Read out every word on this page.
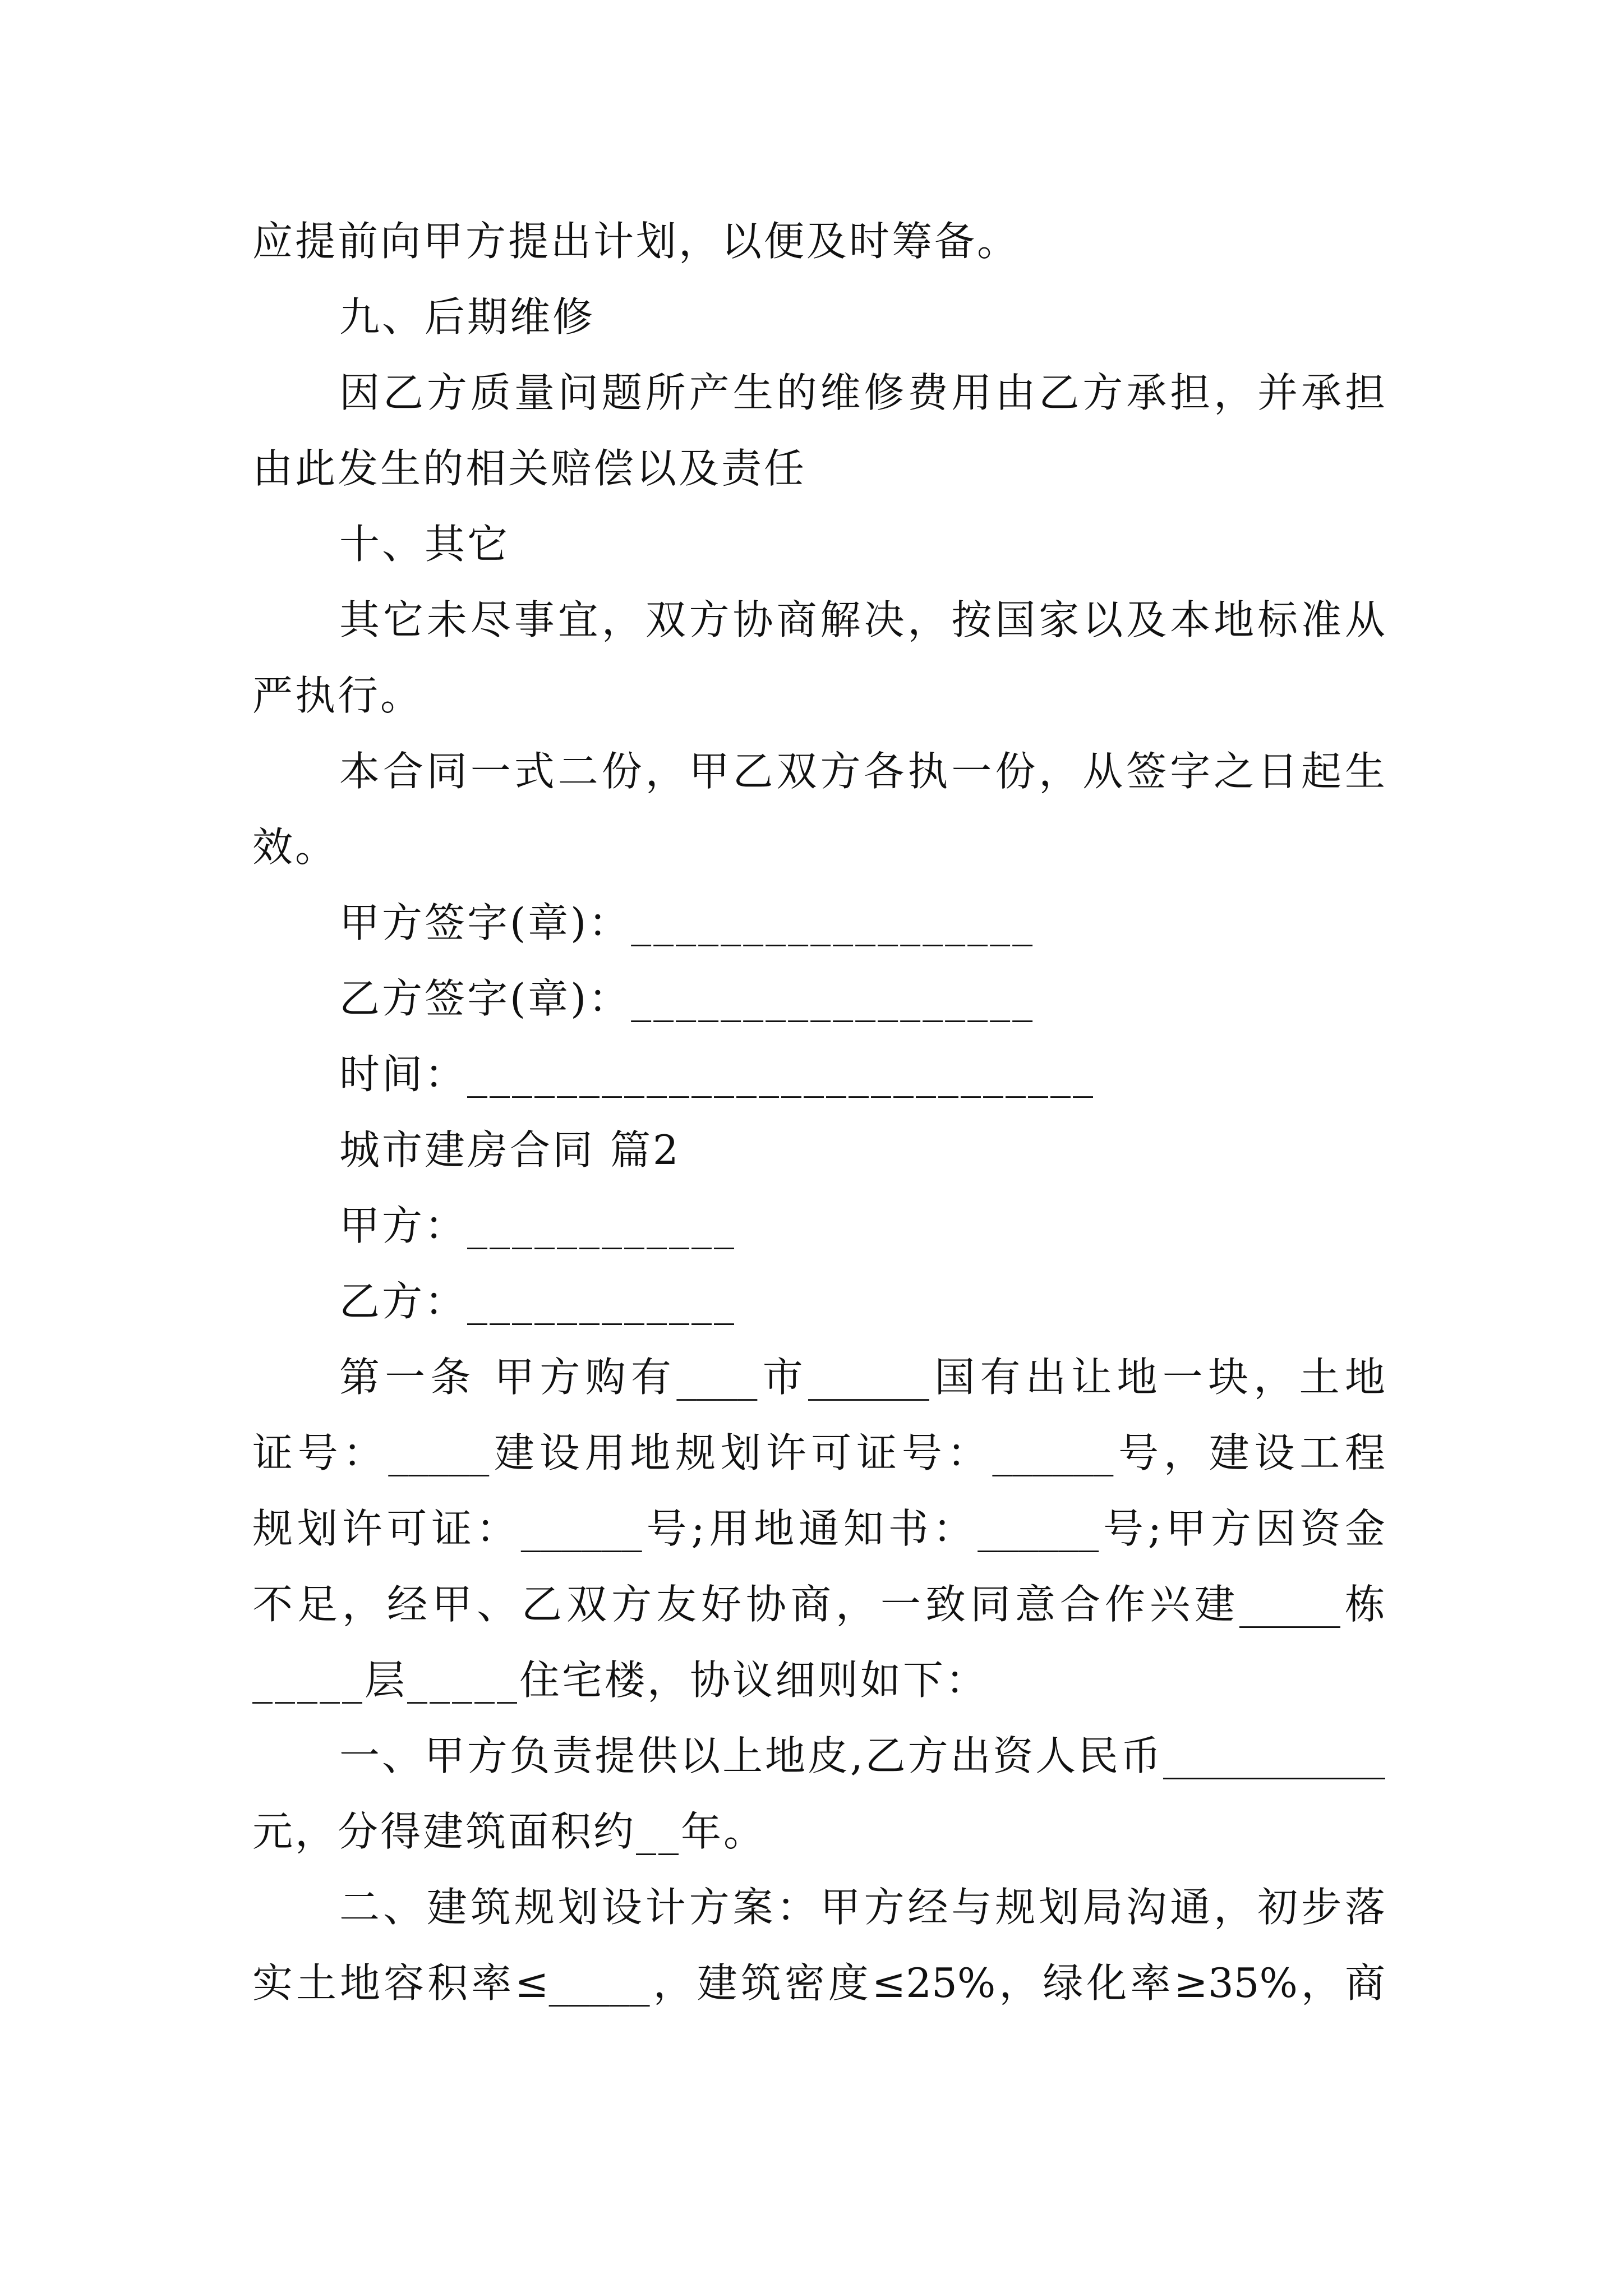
应提前向甲方提出计划，以便及时筹备。
九、后期维修
因乙方质量问题所产生的维修费用由乙方承担，并承担
由此发生的相关赔偿以及责任
十、其它
其它未尽事宜，双方协商解决，按国家以及本地标准从
严执行。
本合同一式二份，甲乙双方各执一份，从签字之日起生
效。
甲方签字(章)：__________________
乙方签字(章)：__________________
时间：____________________________
城市建房合同 篇2
甲方：____________
乙方：____________
第一条 甲方购有____市______国有出让地一块，土地
证号：_____建设用地规划许可证号：______号，建设工程
规划许可证：______号;用地通知书：______号;甲方因资金
不足，经甲、乙双方友好协商，一致同意合作兴建_____栋
_____层_____住宅楼，协议细则如下：
一、甲方负责提供以上地皮,乙方出资人民币___________
元，分得建筑面积约__年。
二、建筑规划设计方案：甲方经与规划局沟通，初步落
实土地容积率≤_____，建筑密度≤25%，绿化率≥35%，商
